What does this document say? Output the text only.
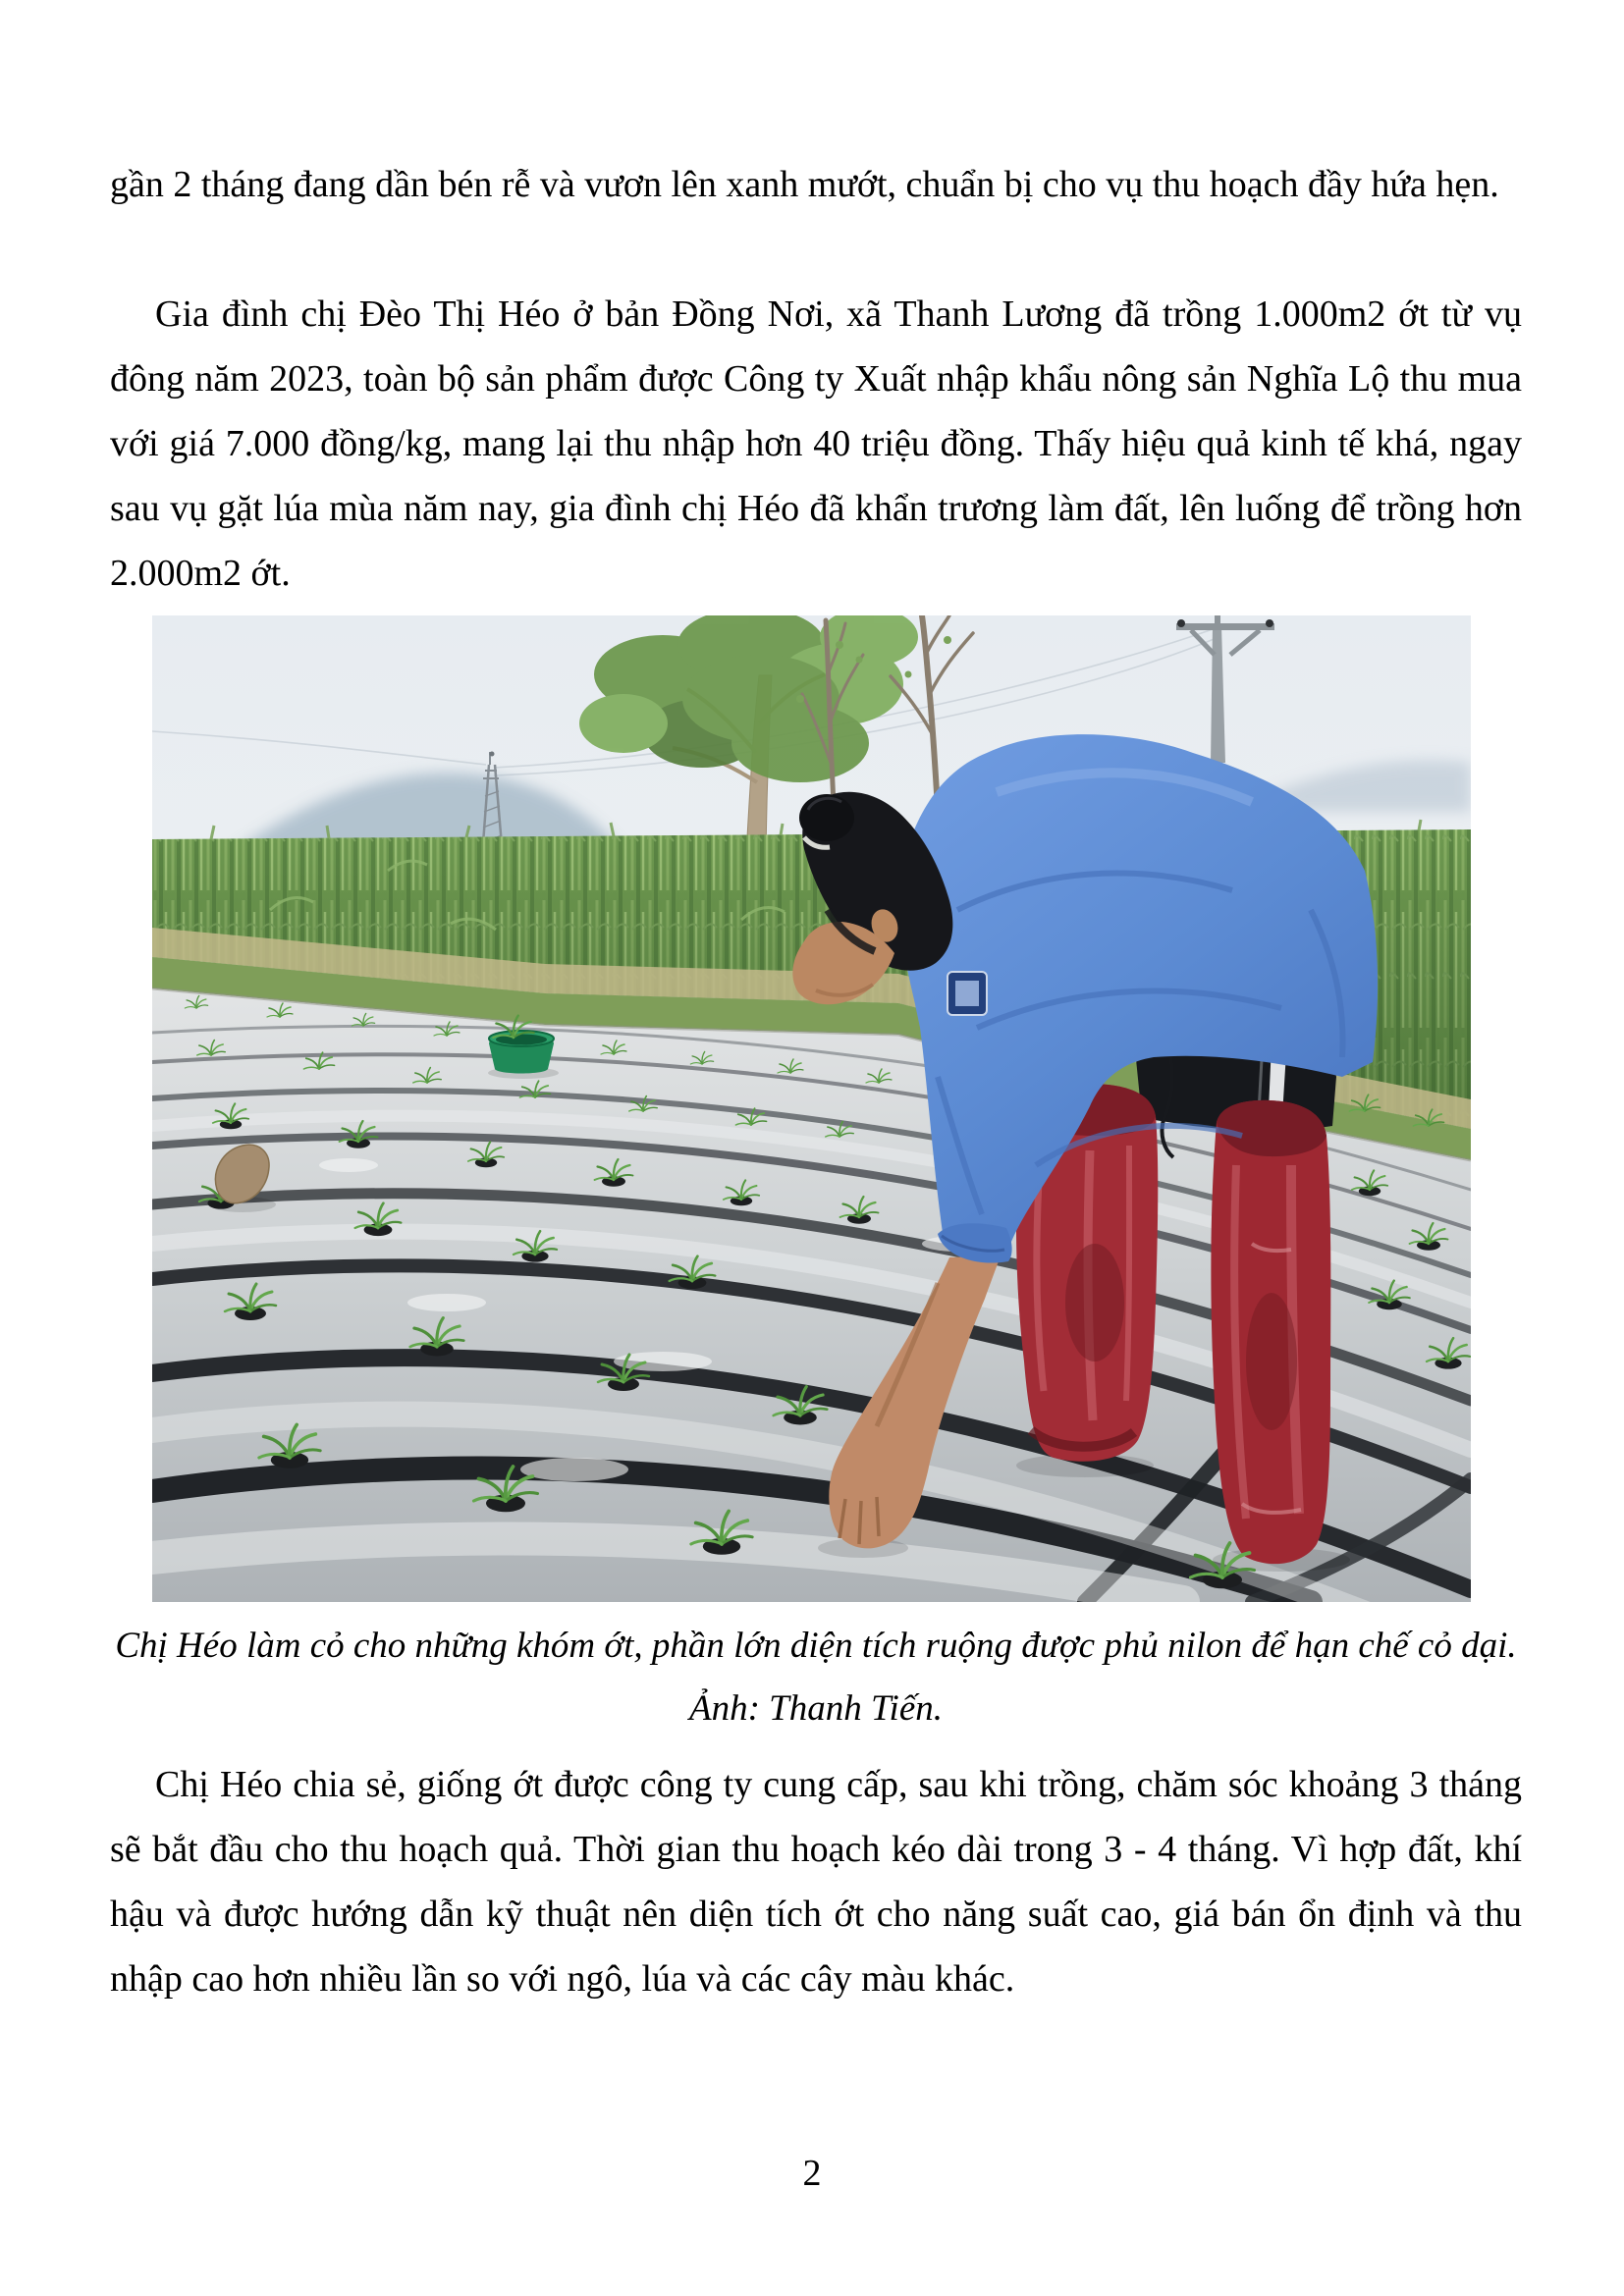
gần 2 tháng đang dần bén rễ và vươn lên xanh mướt, chuẩn bị cho vụ thu hoạch đầy hứa hẹn.

Gia đình chị Đèo Thị Héo ở bản Đồng Nơi, xã Thanh Lương đã trồng 1.000m2 ớt từ vụ đông năm 2023, toàn bộ sản phẩm được Công ty Xuất nhập khẩu nông sản Nghĩa Lộ thu mua với giá 7.000 đồng/kg, mang lại thu nhập hơn 40 triệu đồng. Thấy hiệu quả kinh tế khá, ngay sau vụ gặt lúa mùa năm nay, gia đình chị Héo đã khẩn trương làm đất, lên luống để trồng hơn 2.000m2 ớt.

Chị Héo làm cỏ cho những khóm ớt, phần lớn diện tích ruộng được phủ nilon để hạn chế cỏ dại. Ảnh: Thanh Tiến.

Chị Héo chia sẻ, giống ớt được công ty cung cấp, sau khi trồng, chăm sóc khoảng 3 tháng sẽ bắt đầu cho thu hoạch quả. Thời gian thu hoạch kéo dài trong 3 - 4 tháng. Vì hợp đất, khí hậu và được hướng dẫn kỹ thuật nên diện tích ớt cho năng suất cao, giá bán ổn định và thu nhập cao hơn nhiều lần so với ngô, lúa và các cây màu khác.

2
